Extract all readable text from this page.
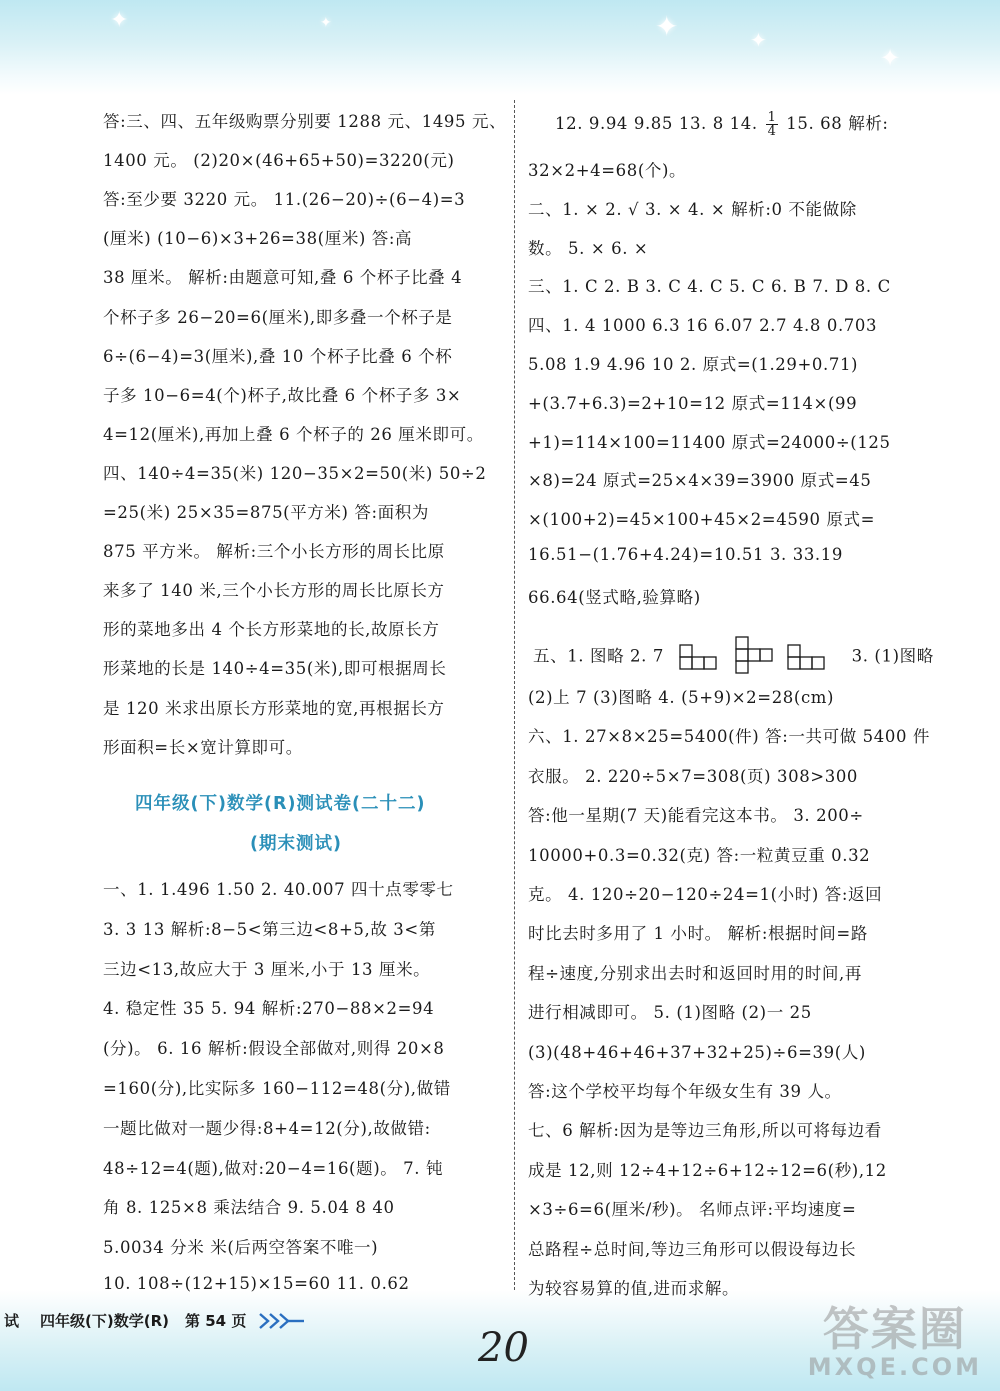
✦	✦	✦
✦
✦
答:三、四、五年级购票分别要 1288 元、1495 元、
1400 元。 (2)20×(46+65+50)=3220(元)
答:至少要 3220 元。 11.(26−20)÷(6−4)=3
(厘米) (10−6)×3+26=38(厘米) 答:高
38 厘米。 解析:由题意可知,叠 6 个杯子比叠 4
个杯子多 26−20=6(厘米),即多叠一个杯子是
6÷(6−4)=3(厘米),叠 10 个杯子比叠 6 个杯
子多 10−6=4(个)杯子,故比叠 6 个杯子多 3×
4=12(厘米),再加上叠 6 个杯子的 26 厘米即可。
四、140÷4=35(米) 120−35×2=50(米) 50÷2
=25(米) 25×35=875(平方米) 答:面积为
875 平方米。 解析:三个小长方形的周长比原
来多了 140 米,三个小长方形的周长比原长方
形的菜地多出 4 个长方形菜地的长,故原长方
形菜地的长是 140÷4=35(米),即可根据周长
是 120 米求出原长方形菜地的宽,再根据长方
形面积=长×宽计算即可。
四年级(下)数学(R)测试卷(二十二)
(期末测试)
一、1. 1.496 1.50 2. 40.007 四十点零零七
3. 3 13 解析:8−5<第三边<8+5,故 3<第
三边<13,故应大于 3 厘米,小于 13 厘米。
4. 稳定性 35 5. 94 解析:270−88×2=94
(分)。 6. 16 解析:假设全部做对,则得 20×8
=160(分),比实际多 160−112=48(分),做错
一题比做对一题少得:8+4=12(分),故做错:
48÷12=4(题),做对:20−4=16(题)。 7. 钝
角 8. 125×8 乘法结合 9. 5.04 8 40
5.0034 分米 米(后两空答案不唯一)
10. 108÷(12+15)×15=60 11. 0.62
12. 9.94 9.85 13. 8 14. $\frac{1}{4} 15$. 68 解析:
32×2+4=68(个)。
二、1. × 2. √ 3. × 4. × 解析:0 不能做除
数。 5. × 6. ×
三、1. C 2. B 3. C 4. C 5. C 6. B 7. D 8. C
四、1. 4 1000 6.3 16 6.07 2.7 4.8 0.703
5.08 1.9 4.96 10 2. 原式=(1.29+0.71)
+(3.7+6.3)=2+10=12 原式=114×(99
+1)=114×100=11400 原式=24000÷(125
×8)=24 原式=25×4×39=3900 原式=45
×(100+2)=45×100+45×2=4590 原式=
16.51−(1.76+4.24)=10.51 3. 33.19
66.64(竖式略,验算略)
五、1. 图略 2. 7	3. (1)图略
(2)上 7 (3)图略 4. (5+9)×2=28(cm)
六、1. 27×8×25=5400(件) 答:一共可做 5400 件
衣服。 2. 220÷5×7=308(页) 308>300
答:他一星期(7 天)能看完这本书。 3. 200÷
10000+0.3=0.32(克) 答:一粒黄豆重 0.32
克。 4. 120÷20−120÷24=1(小时) 答:返回
时比去时多用了 1 小时。 解析:根据时间=路
程÷速度,分别求出去时和返回时用的时间,再
进行相减即可。 5. (1)图略 (2)一 25
(3)(48+46+46+37+32+25)÷6=39(人)
答:这个学校平均每个年级女生有 39 人。
七、6 解析:因为是等边三角形,所以可将每边看
成是 12,则 12÷4+12÷6+12÷12=6(秒),12
×3÷6=6(厘米/秒)。 名师点评:平均速度=
总路程÷总时间,等边三角形可以假设每边长
为较容易算的值,进而求解。
试 四年级(下)数学(R) 第 54 页
20	答案圈
MXQE.COM
